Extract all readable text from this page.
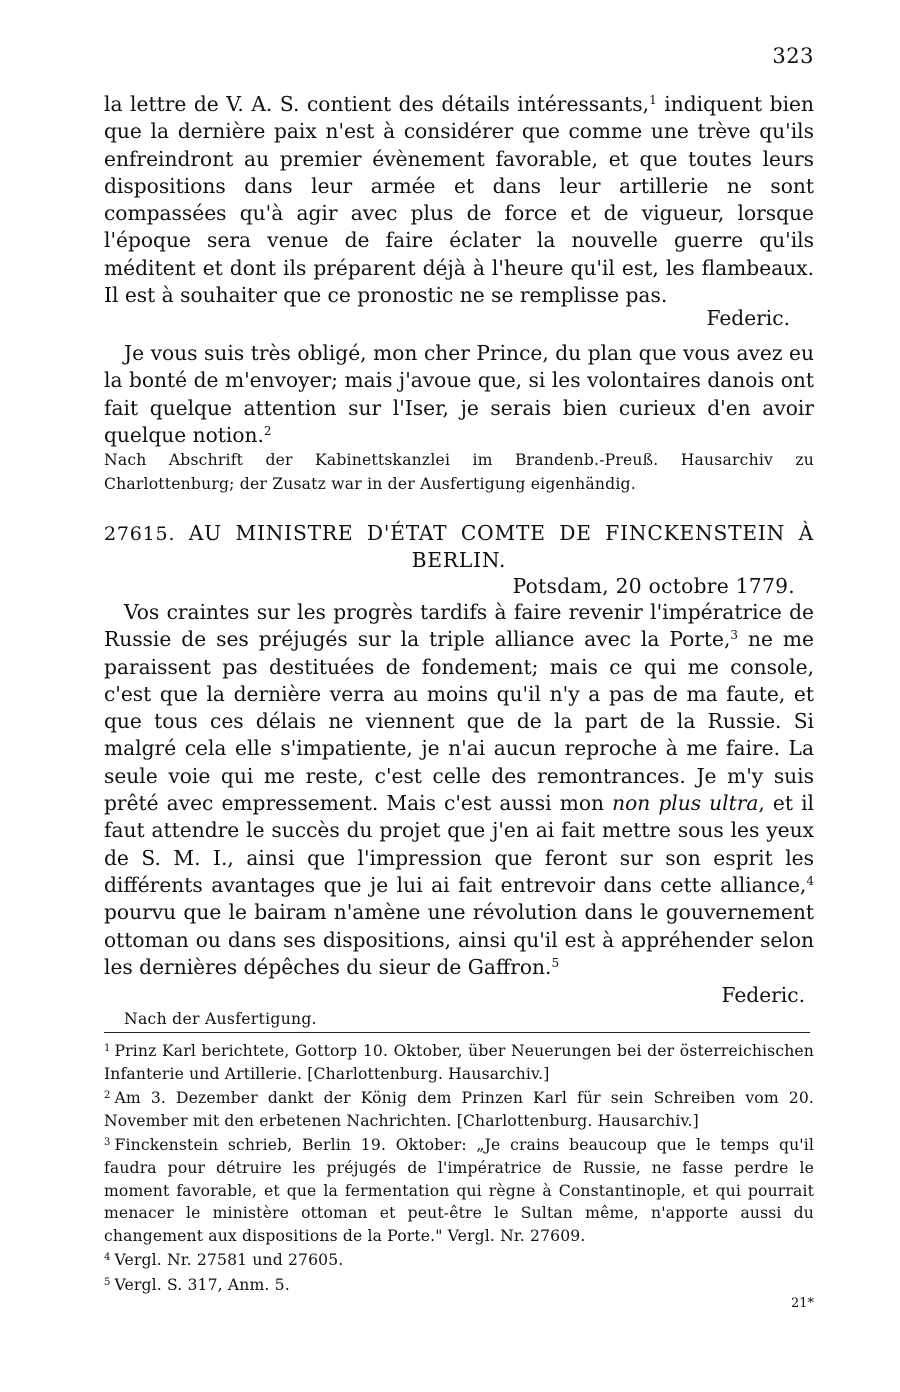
323

la lettre de V. A. S. contient des détails intéressants,$^1$ indiquent bien que la dernière paix n'est à considérer que comme une trève qu'ils enfreindront au premier évènement favorable, et que toutes leurs dispositions dans leur armée et dans leur artillerie ne sont compassées qu'à agir avec plus de force et de vigueur, lorsque l'époque sera venue de faire éclater la nouvelle guerre qu'ils méditent et dont ils préparent déjà à l'heure qu'il est, les flambeaux. Il est à souhaiter que ce pronostic ne se remplisse pas.

Federic.

Je vous suis très obligé, mon cher Prince, du plan que vous avez eu la bonté de m'envoyer; mais j'avoue que, si les volontaires danois ont fait quelque attention sur l'Iser, je serais bien curieux d'en avoir quelque notion.$^2$

Nach Abschrift der Kabinettskanzlei im Brandenb.-Preuß. Hausarchiv zu Charlottenburg; der Zusatz war in der Ausfertigung eigenhändig.

27615. AU MINISTRE D'ÉTAT COMTE DE FINCKENSTEIN À
BERLIN.
Potsdam, 20 octobre 1779.

Vos craintes sur les progrès tardifs à faire revenir l'impératrice de Russie de ses préjugés sur la triple alliance avec la Porte,$^3$ ne me paraissent pas destituées de fondement; mais ce qui me console, c'est que la dernière verra au moins qu'il n'y a pas de ma faute, et que tous ces délais ne viennent que de la part de la Russie. Si malgré cela elle s'impatiente, je n'ai aucun reproche à me faire. La seule voie qui me reste, c'est celle des remontrances. Je m'y suis prêté avec empressement. Mais c'est aussi mon non plus ultra, et il faut attendre le succès du projet que j'en ai fait mettre sous les yeux de S. M. I., ainsi que l'impression que feront sur son esprit les différents avantages que je lui ai fait entrevoir dans cette alliance,$^4$ pourvu que le bairam n'amène une révolution dans le gouvernement ottoman ou dans ses dispositions, ainsi qu'il est à appréhender selon les dernières dépêches du sieur de Gaffron.$^5$

Federic.
Nach der Ausfertigung.

$^1$ Prinz Karl berichtete, Gottorp 10. Oktober, über Neuerungen bei der österreichischen Infanterie und Artillerie. [Charlottenburg. Hausarchiv.]

$^2$ Am 3. Dezember dankt der König dem Prinzen Karl für sein Schreiben vom 20. November mit den erbetenen Nachrichten. [Charlottenburg. Hausarchiv.]

$^3$ Finckenstein schrieb, Berlin 19. Oktober: „Je crains beaucoup que le temps qu'il faudra pour détruire les préjugés de l'impératrice de Russie, ne fasse perdre le moment favorable, et que la fermentation qui règne à Constantinople, et qui pourrait menacer le ministère ottoman et peut-être le Sultan même, n'apporte aussi du changement aux dispositions de la Porte." Vergl. Nr. 27609.

$^4$ Vergl. Nr. 27581 und 27605.

$^5$ Vergl. S. 317, Anm. 5.

21*
